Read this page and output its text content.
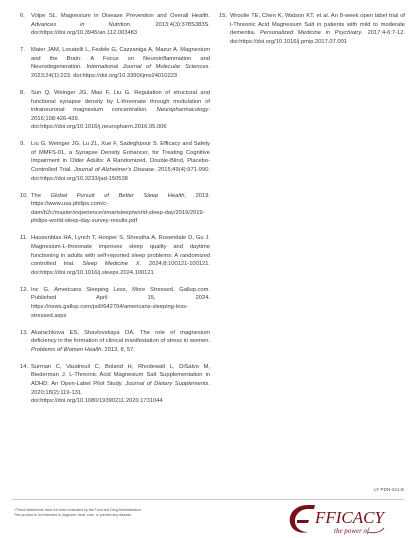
6.	Volpe SL. Magnesium in Disease Prevention and Overall Health. Advances in Nutrition. 2013;4(3):378S383S. doi:https://doi.org/10.3945/an.112.003483
7.	Maier JAM, Locatelli L, Fedele G, Cazzaniga A, Mazur A. Magnesium and the Brain: A Focus on Neuroinflammation and Neurodegeneration. International Journal of Molecular Sciences. 2023;24(1):223. doi:https://doi.org/10.3390/ijms24010223
8.	Sun Q, Weinger JG, Mao F, Liu G. Regulation of structural and functional synapse density by L-threonate through modulation of intraneuronal magnesium concentration. Neuropharmacology. 2016;108:426-439. doi:https://doi.org/10.1016/j.neuropharm.2016.05.006
9.	Liu G, Weinger JG, Lu ZL, Xue F, Sadeghpour S. Efficacy and Safety of MMFS-01, a Synapse Density Enhancer, for Treating Cognitive Impairment in Older Adults: A Randomized, Double-Blind, Placebo-Controlled Trial. Journal of Alzheimer's Disease. 2015;49(4):971-990. doi:https://doi.org/10.3233/jad-150538
10. The Global Pursuit of Better Sleep Health, 2019. https://www.usa.philips.com/c-dam/b2c/master/experience/smartsleep/world-sleep-day/2019/2019-philips-world-sleep-day-survey-results.pdf
11. Hausenblas HA, Lynch T, Hooper S, Shrestha A, Rosendale D, Gu J. Magnesium-L-threonate improves sleep quality and daytime functioning in adults with self-reported sleep problems: A randomized controlled trial. Sleep Medicine X. 2024;8:100121-100121. doi:https://doi.org/10.1016/j.sleepx.2024.100121
12. Inc G. Americans Sleeping Less, More Stressed. Gallup.com. Published April 15, 2024. https://news.gallup.com/poll/642704/americans-sleeping-less-stressed.aspx
13. Akarachkova ES, Shavlovskaya OA. The role of magnesium deficiency in the formation of clinical manifestation of stress in women. Problems of Women Health. 2013, 8, 57.
14. Surman C, Vaudreuil C, Boland H, Rhodewalt L, DiSalvo M, Biederman J. L-Threonic Acid Magnesium Salt Supplementation in ADHD: An Open-Label Pilot Study. Journal of Dietary Supplements. 2020;18(2):119-131. doi:https://doi.org/10.1080/19390211.2020.1731044
15. Wroolie TE, Chen K, Watson KT, et al. An 8-week open label trial of l-Threonic Acid Magnesium Salt in patients with mild to moderate dementia. Personalized Medicine in Psychiatry. 2017;4-6:7-12. doi:https://doi.org/10.1016/j.pmip.2017.07.001
LT-PDN-241-B
†These statements have not been evaluated by the Food and Drug Administration.
This product is not intended to diagnose, treat, cure, or prevent any disease.	FFICACY
the power of
